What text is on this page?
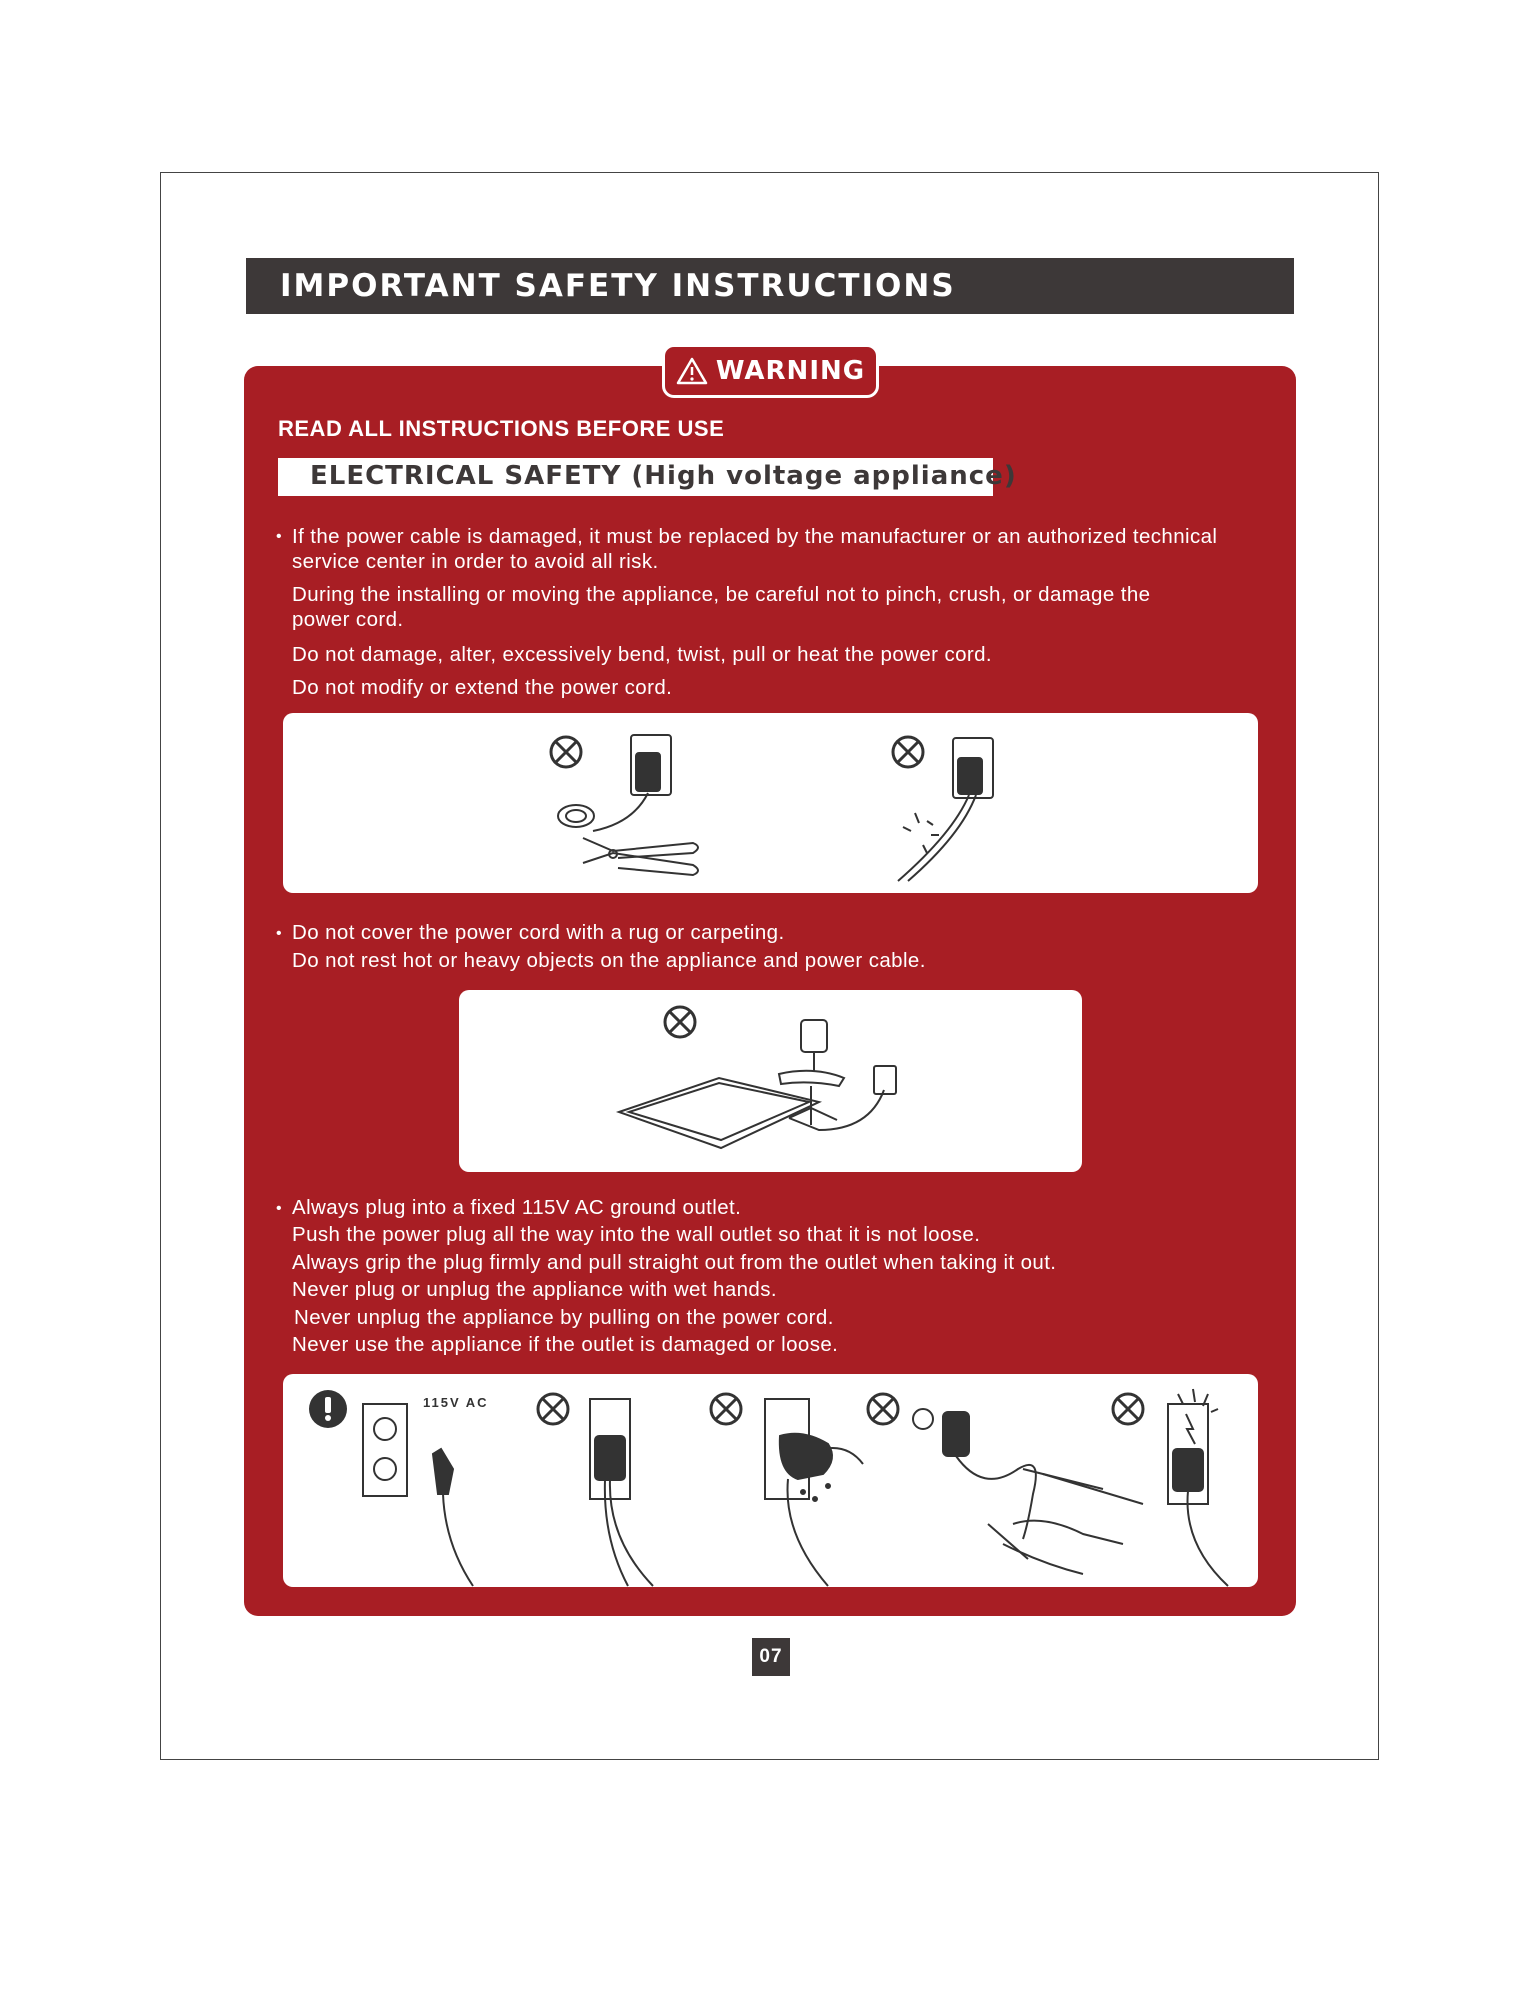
IMPORTANT SAFETY INSTRUCTIONS
WARNING
READ ALL INSTRUCTIONS BEFORE USE
ELECTRICAL SAFETY (High voltage appliance)
• If the power cable is damaged, it must be replaced by the manufacturer or an authorized technical
service center in order to avoid all risk.
During the installing or moving the appliance, be careful not to pinch, crush, or damage the
power cord.
Do not damage, alter, excessively bend, twist, pull or heat the power cord.
Do not modify or extend the power cord.
• Do not cover the power cord with a rug or carpeting.
Do not rest hot or heavy objects on the appliance and power cable.
• Always plug into a fixed 115V AC ground outlet.
Push the power plug all the way into the wall outlet so that it is not loose.
Always grip the plug firmly and pull straight out from the outlet when taking it out.
Never plug or unplug the appliance with wet hands.
Never unplug the appliance by pulling on the power cord.
Never use the appliance if the outlet is damaged or loose.
115V AC
07
